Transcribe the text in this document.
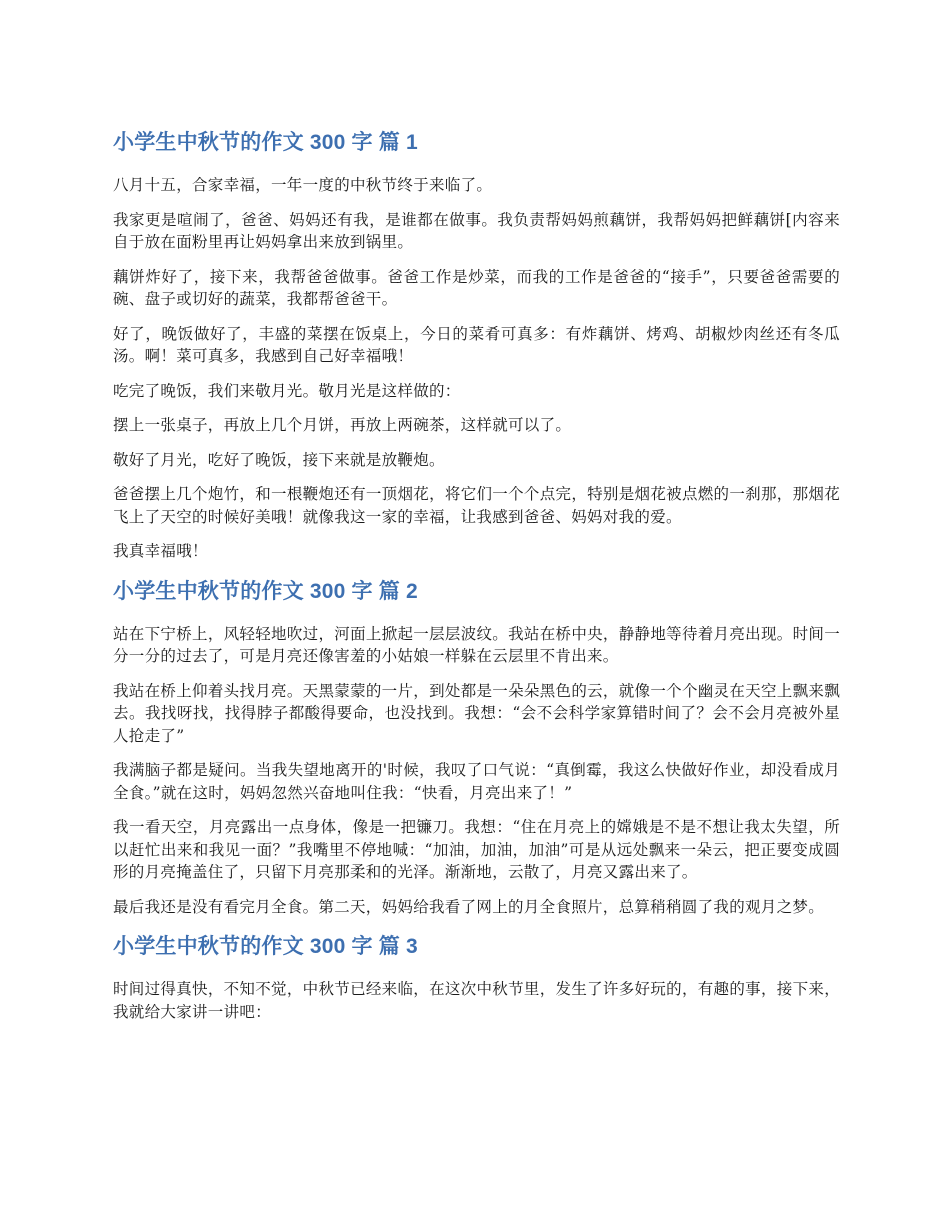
小学生中秋节的作文 300 字 篇 1

八月十五，合家幸福，一年一度的中秋节终于来临了。

我家更是喧闹了，爸爸、妈妈还有我，是谁都在做事。我负责帮妈妈煎藕饼，我帮妈妈把鲜藕饼[内容来自于放在面粉里再让妈妈拿出来放到锅里。

藕饼炸好了，接下来，我帮爸爸做事。爸爸工作是炒菜，而我的工作是爸爸的“接手”，只要爸爸需要的碗、盘子或切好的蔬菜，我都帮爸爸干。

好了，晚饭做好了，丰盛的菜摆在饭桌上，今日的菜肴可真多：有炸藕饼、烤鸡、胡椒炒肉丝还有冬瓜汤。啊！菜可真多，我感到自己好幸福哦！

吃完了晚饭，我们来敬月光。敬月光是这样做的：

摆上一张桌子，再放上几个月饼，再放上两碗茶，这样就可以了。

敬好了月光，吃好了晚饭，接下来就是放鞭炮。

爸爸摆上几个炮竹，和一根鞭炮还有一顶烟花，将它们一个个点完，特别是烟花被点燃的一刹那，那烟花飞上了天空的时候好美哦！就像我这一家的幸福，让我感到爸爸、妈妈对我的爱。

我真幸福哦！

小学生中秋节的作文 300 字 篇 2

站在下宁桥上，风轻轻地吹过，河面上掀起一层层波纹。我站在桥中央，静静地等待着月亮出现。时间一分一分的过去了，可是月亮还像害羞的小姑娘一样躲在云层里不肯出来。

我站在桥上仰着头找月亮。天黑蒙蒙的一片，到处都是一朵朵黑色的云，就像一个个幽灵在天空上飘来飘去。我找呀找，找得脖子都酸得要命，也没找到。我想：“会不会科学家算错时间了？会不会月亮被外星人抢走了”

我满脑子都是疑问。当我失望地离开的'时候，我叹了口气说：“真倒霉，我这么快做好作业，却没看成月全食。”就在这时，妈妈忽然兴奋地叫住我：“快看，月亮出来了！”

我一看天空，月亮露出一点身体，像是一把镰刀。我想：“住在月亮上的嫦娥是不是不想让我太失望，所以赶忙出来和我见一面？”我嘴里不停地喊：“加油，加油，加油”可是从远处飘来一朵云，把正要变成圆形的月亮掩盖住了，只留下月亮那柔和的光泽。渐渐地，云散了，月亮又露出来了。

最后我还是没有看完月全食。第二天，妈妈给我看了网上的月全食照片，总算稍稍圆了我的观月之梦。

小学生中秋节的作文 300 字 篇 3

时间过得真快，不知不觉，中秋节已经来临，在这次中秋节里，发生了许多好玩的，有趣的事，接下来，我就给大家讲一讲吧：
